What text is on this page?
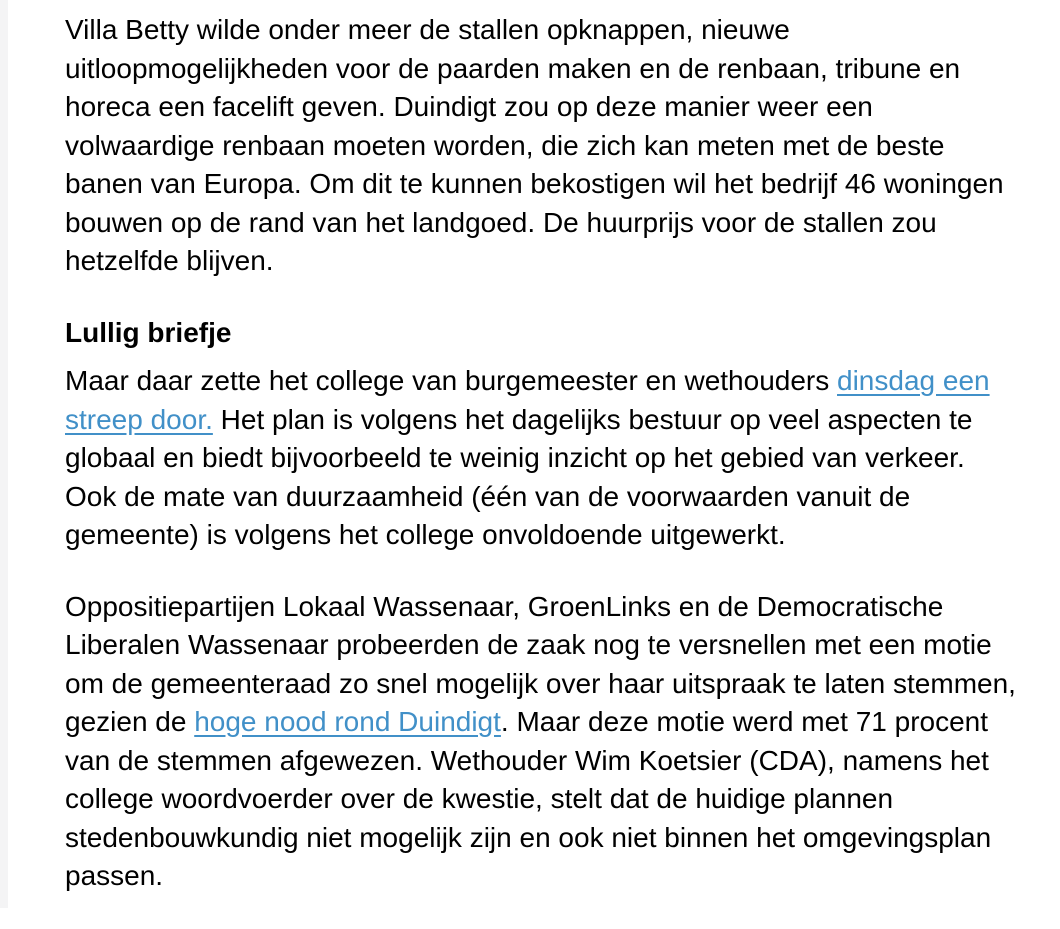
Villa Betty wilde onder meer de stallen opknappen, nieuwe uitloopmogelijkheden voor de paarden maken en de renbaan, tribune en horeca een facelift geven. Duindigt zou op deze manier weer een volwaardige renbaan moeten worden, die zich kan meten met de beste banen van Europa. Om dit te kunnen bekostigen wil het bedrijf 46 woningen bouwen op de rand van het landgoed. De huurprijs voor de stallen zou hetzelfde blijven.

Lullig briefje

Maar daar zette het college van burgemeester en wethouders dinsdag een streep door. Het plan is volgens het dagelijks bestuur op veel aspecten te globaal en biedt bijvoorbeeld te weinig inzicht op het gebied van verkeer. Ook de mate van duurzaamheid (één van de voorwaarden vanuit de gemeente) is volgens het college onvoldoende uitgewerkt.

Oppositiepartijen Lokaal Wassenaar, GroenLinks en de Democratische Liberalen Wassenaar probeerden de zaak nog te versnellen met een motie om de gemeenteraad zo snel mogelijk over haar uitspraak te laten stemmen, gezien de hoge nood rond Duindigt. Maar deze motie werd met 71 procent van de stemmen afgewezen. Wethouder Wim Koetsier (CDA), namens het college woordvoerder over de kwestie, stelt dat de huidige plannen stedenbouwkundig niet mogelijk zijn en ook niet binnen het omgevingsplan passen.
